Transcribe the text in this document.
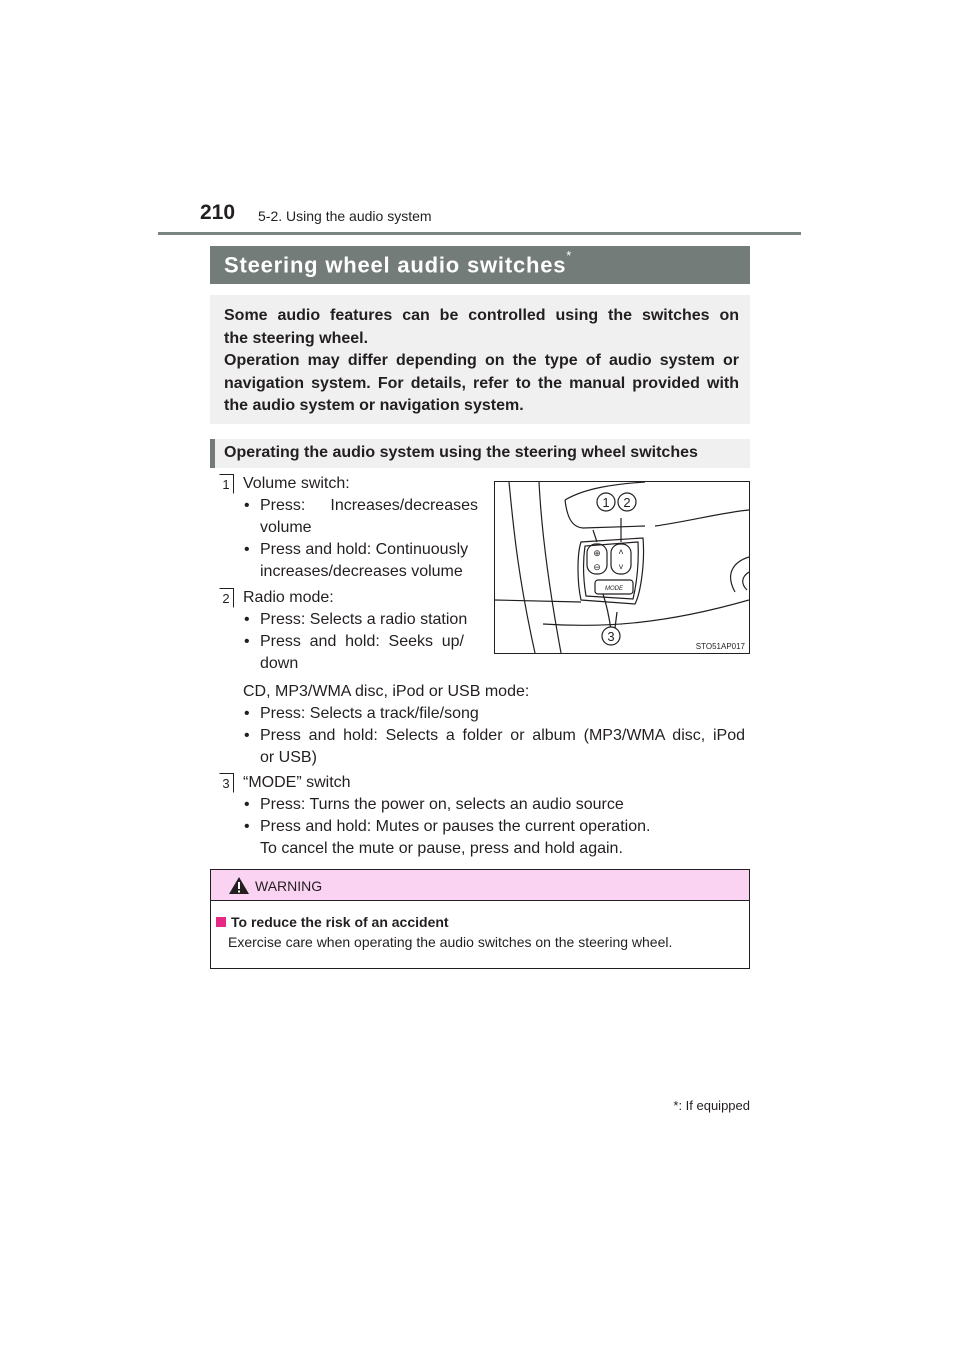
210 5-2. Using the audio system
Steering wheel audio switches*
Some audio features can be controlled using the switches on
the steering wheel.
Operation may differ depending on the type of audio system or
navigation system. For details, refer to the manual provided with
the audio system or navigation system.
Operating the audio system using the steering wheel switches
1 Volume switch:
• Press: Increases/decreases
volume
• Press and hold: Continuously
increases/decreases volume
2 Radio mode:
• Press: Selects a radio station
• Press and hold: Seeks up/
down
CD, MP3/WMA disc, iPod or USB mode:
• Press: Selects a track/file/song
• Press and hold: Selects a folder or album (MP3/WMA disc, iPod
or USB)
3 “MODE” switch
• Press: Turns the power on, selects an audio source
• Press and hold: Mutes or pauses the current operation.
To cancel the mute or pause, press and hold again.
⊕
⊖
˄
˅
MODE
1 2
3
STO51AP017
WARNING
To reduce the risk of an accident
Exercise care when operating the audio switches on the steering wheel.
*: If equipped
